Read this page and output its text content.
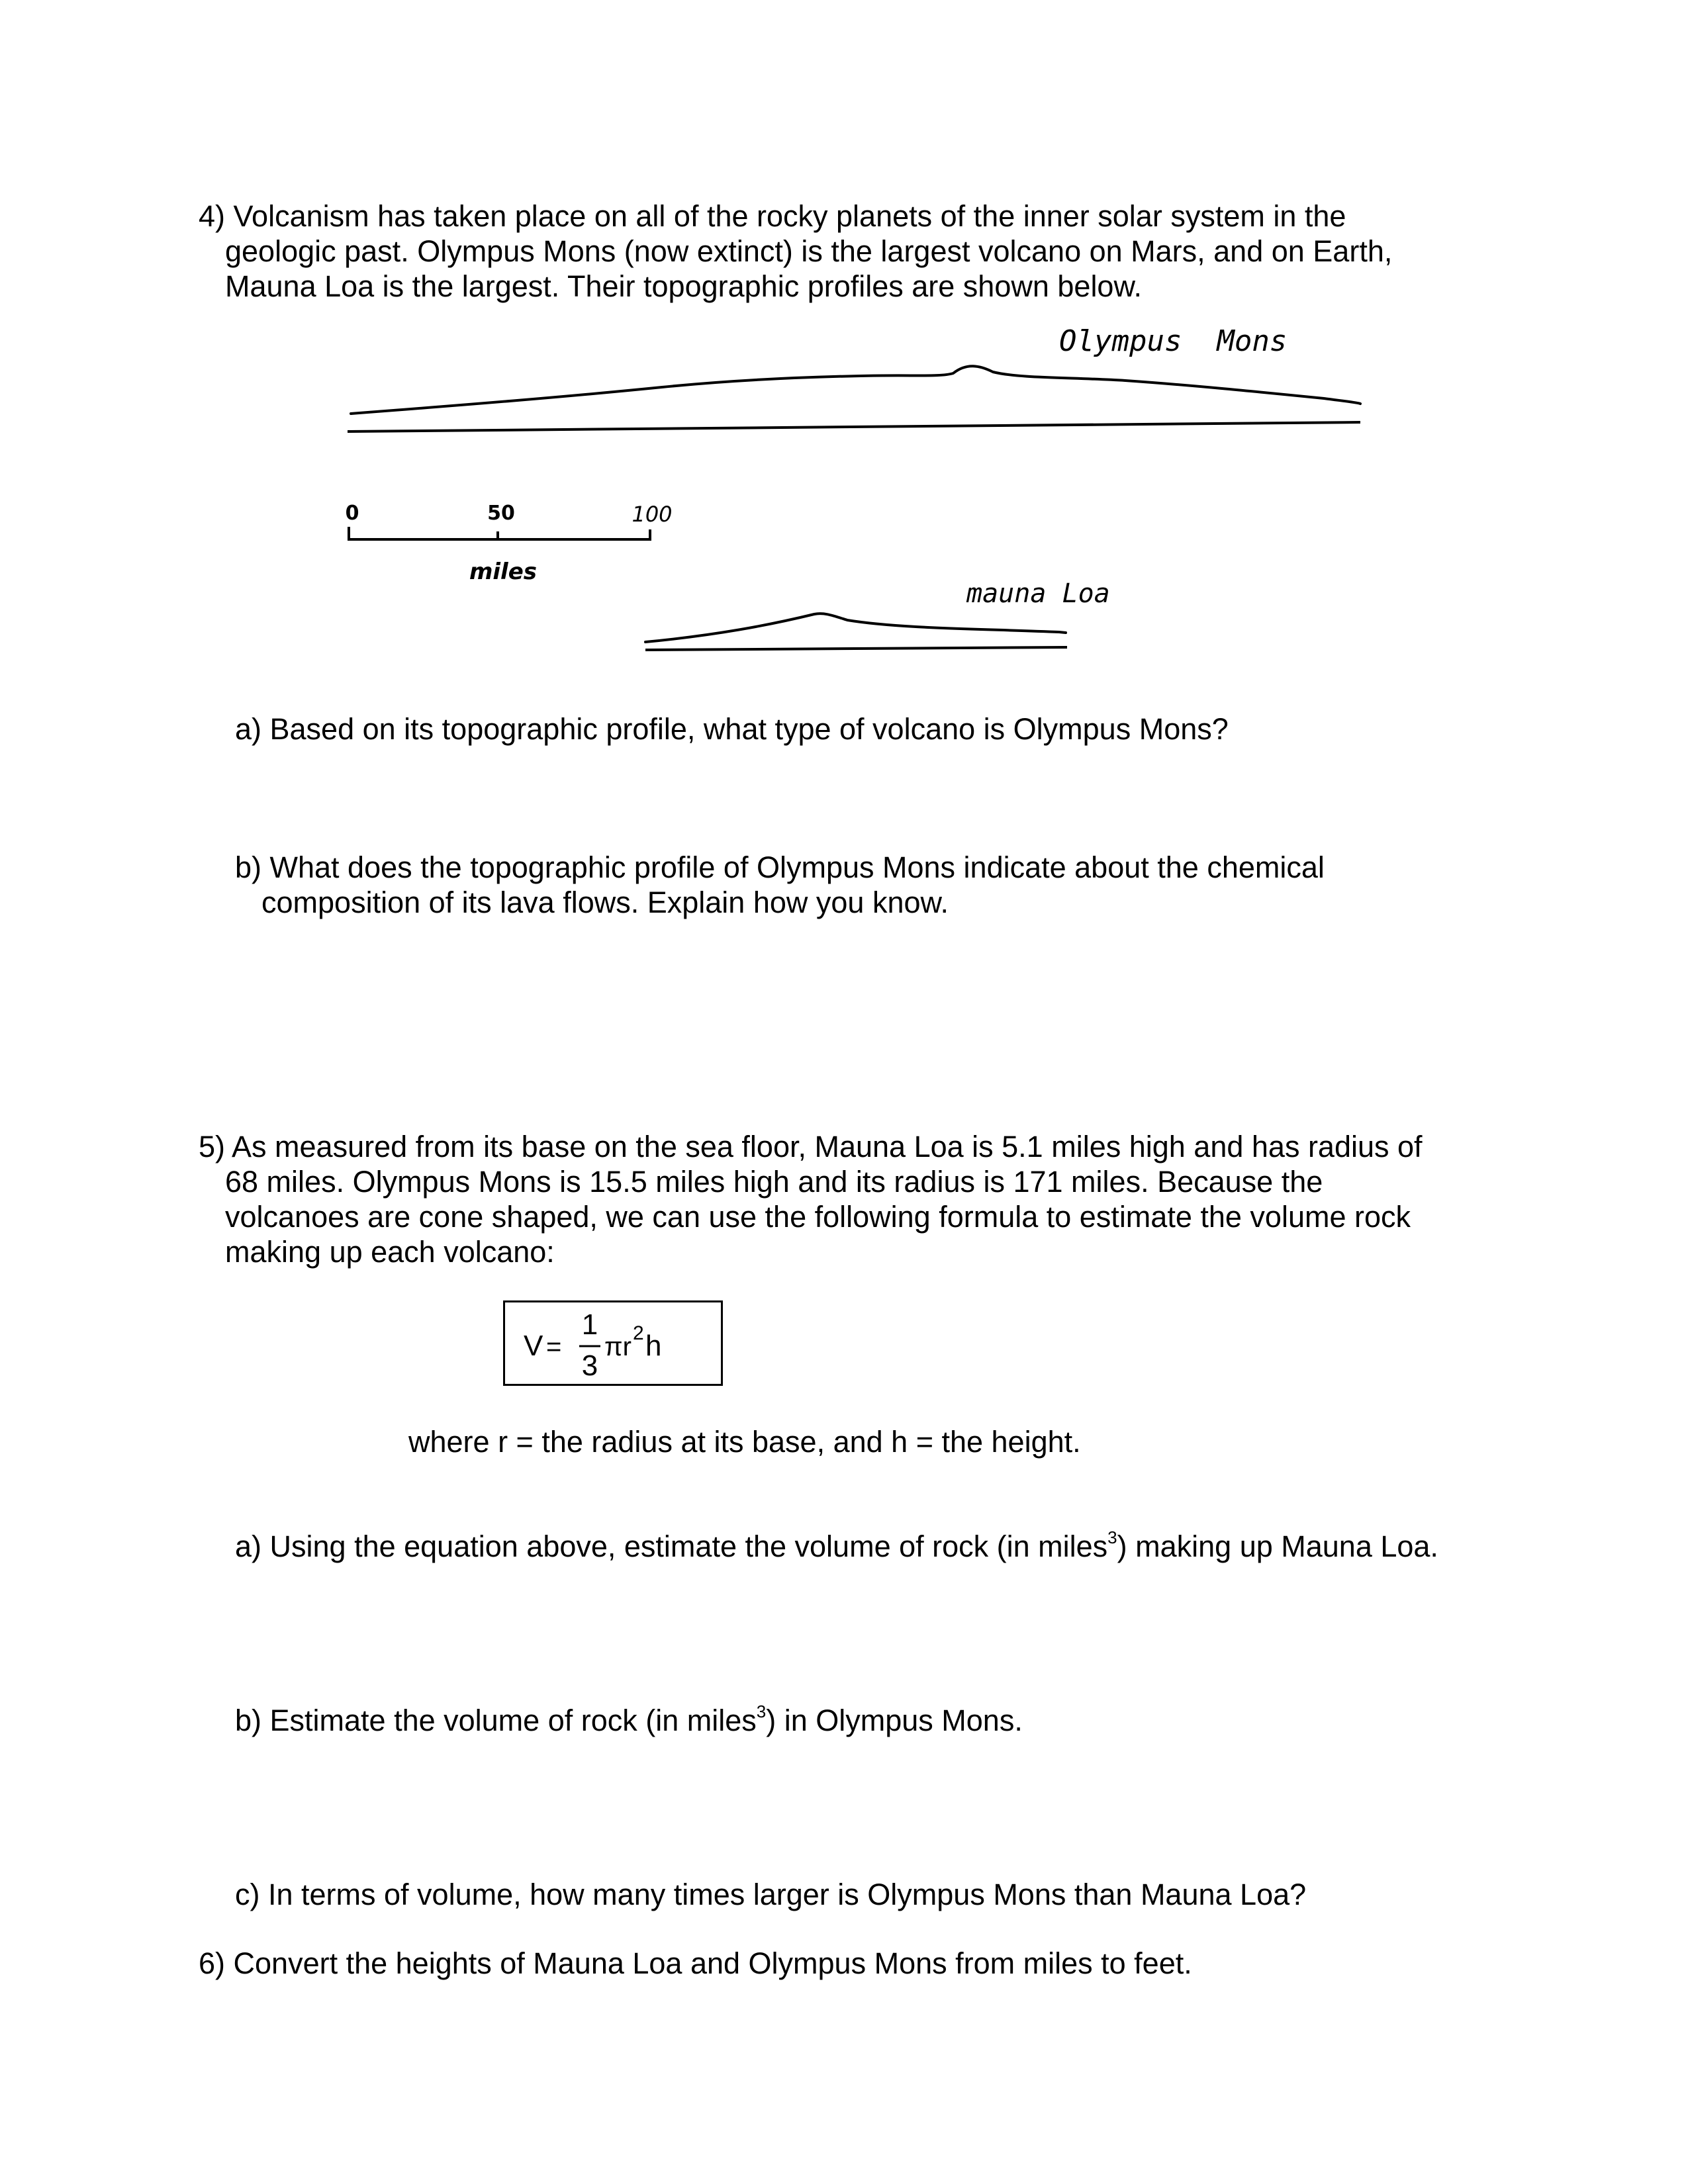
4) Volcanism has taken place on all of the rocky planets of the inner solar system in the

geologic past. Olympus Mons (now extinct) is the largest volcano on Mars, and on Earth,

Mauna Loa is the largest. Their topographic profiles are shown below.

Olympus  Mons
0	50	100
miles
mauna Loa

a) Based on its topographic profile, what type of volcano is Olympus Mons?

b) What does the topographic profile of Olympus Mons indicate about the chemical

composition of its lava flows. Explain how you know.

5) As measured from its base on the sea floor, Mauna Loa is 5.1 miles high and has radius of

68 miles. Olympus Mons is 15.5 miles high and its radius is 171 miles. Because the

volcanoes are cone shaped, we can use the following formula to estimate the volume rock

making up each volcano:

V =
1
3
πr 2 h

where r = the radius at its base, and h = the height.

a) Using the equation above, estimate the volume of rock (in miles$^3$) making up Mauna Loa.

b) Estimate the volume of rock (in miles$^3$) in Olympus Mons.

c) In terms of volume, how many times larger is Olympus Mons than Mauna Loa?

6) Convert the heights of Mauna Loa and Olympus Mons from miles to feet.
